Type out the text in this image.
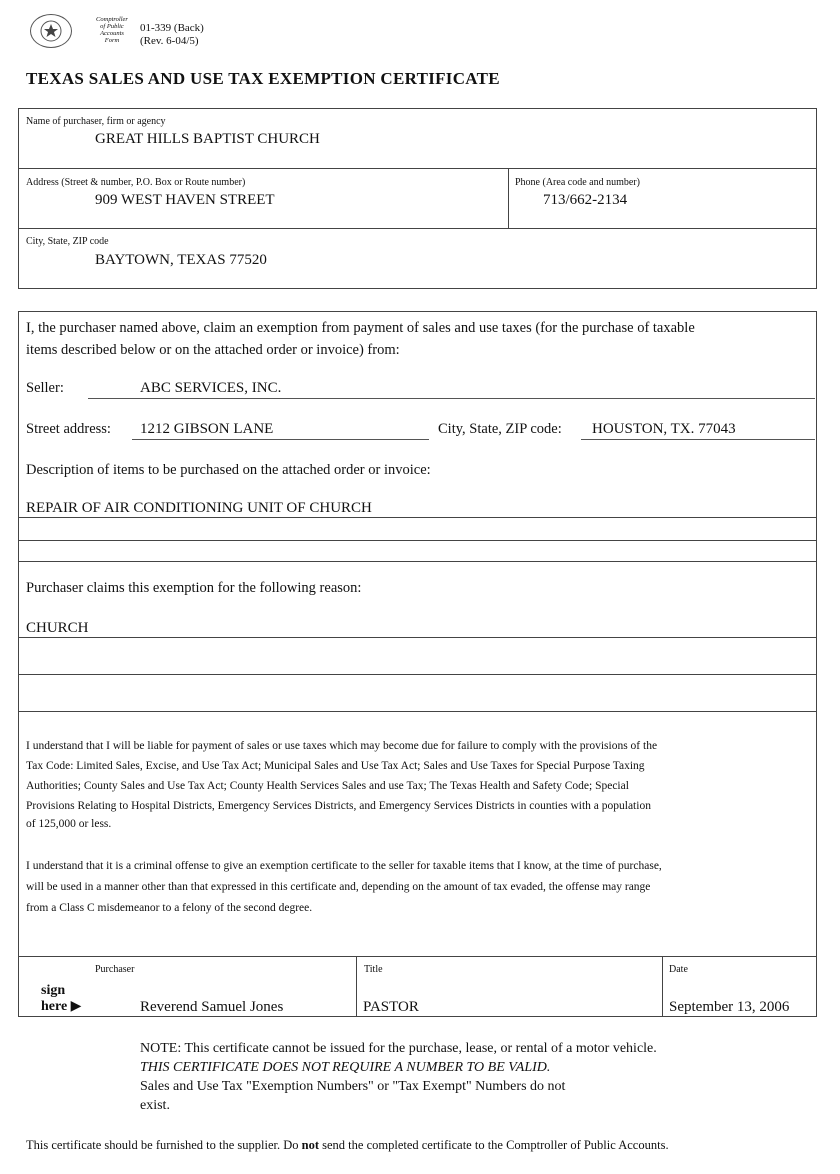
Comptroller of Public Accounts Form
01-339 (Back)
(Rev. 6-04/5)
TEXAS SALES AND USE TAX EXEMPTION CERTIFICATE
Name of purchaser, firm or agency
GREAT HILLS BAPTIST CHURCH
Address (Street & number, P.O. Box or Route number)
909 WEST HAVEN STREET
Phone (Area code and number)
713/662-2134
City, State, ZIP code
BAYTOWN, TEXAS 77520
I, the purchaser named above, claim an exemption from payment of sales and use taxes (for the purchase of taxable
items described below or on the attached order or invoice) from:
Seller:	ABC SERVICES, INC.
Street address: 1212 GIBSON LANE	City, State, ZIP code: HOUSTON, TX. 77043
Description of items to be purchased on the attached order or invoice:
REPAIR OF AIR CONDITIONING UNIT OF CHURCH
Purchaser claims this exemption for the following reason:
CHURCH
I understand that I will be liable for payment of sales or use taxes which may become due for failure to comply with the provisions of the
Tax Code: Limited Sales, Excise, and Use Tax Act; Municipal Sales and Use Tax Act; Sales and Use Taxes for Special Purpose Taxing
Authorities; County Sales and Use Tax Act; County Health Services Sales and use Tax; The Texas Health and Safety Code; Special
Provisions Relating to Hospital Districts, Emergency Services Districts, and Emergency Services Districts in counties with a population
of 125,000 or less.
I understand that it is a criminal offense to give an exemption certificate to the seller for taxable items that I know, at the time of purchase,
will be used in a manner other than that expressed in this certificate and, depending on the amount of tax evaded, the offense may range
from a Class C misdemeanor to a felony of the second degree.
Purchaser
sign
here ▶	Reverend Samuel Jones
Title
PASTOR
Date
September 13, 2006
NOTE: This certificate cannot be issued for the purchase, lease, or rental of a motor vehicle.
THIS CERTIFICATE DOES NOT REQUIRE A NUMBER TO BE VALID.
Sales and Use Tax "Exemption Numbers" or "Tax Exempt" Numbers do not
exist.
This certificate should be furnished to the supplier. Do not send the completed certificate to the Comptroller of Public Accounts.
